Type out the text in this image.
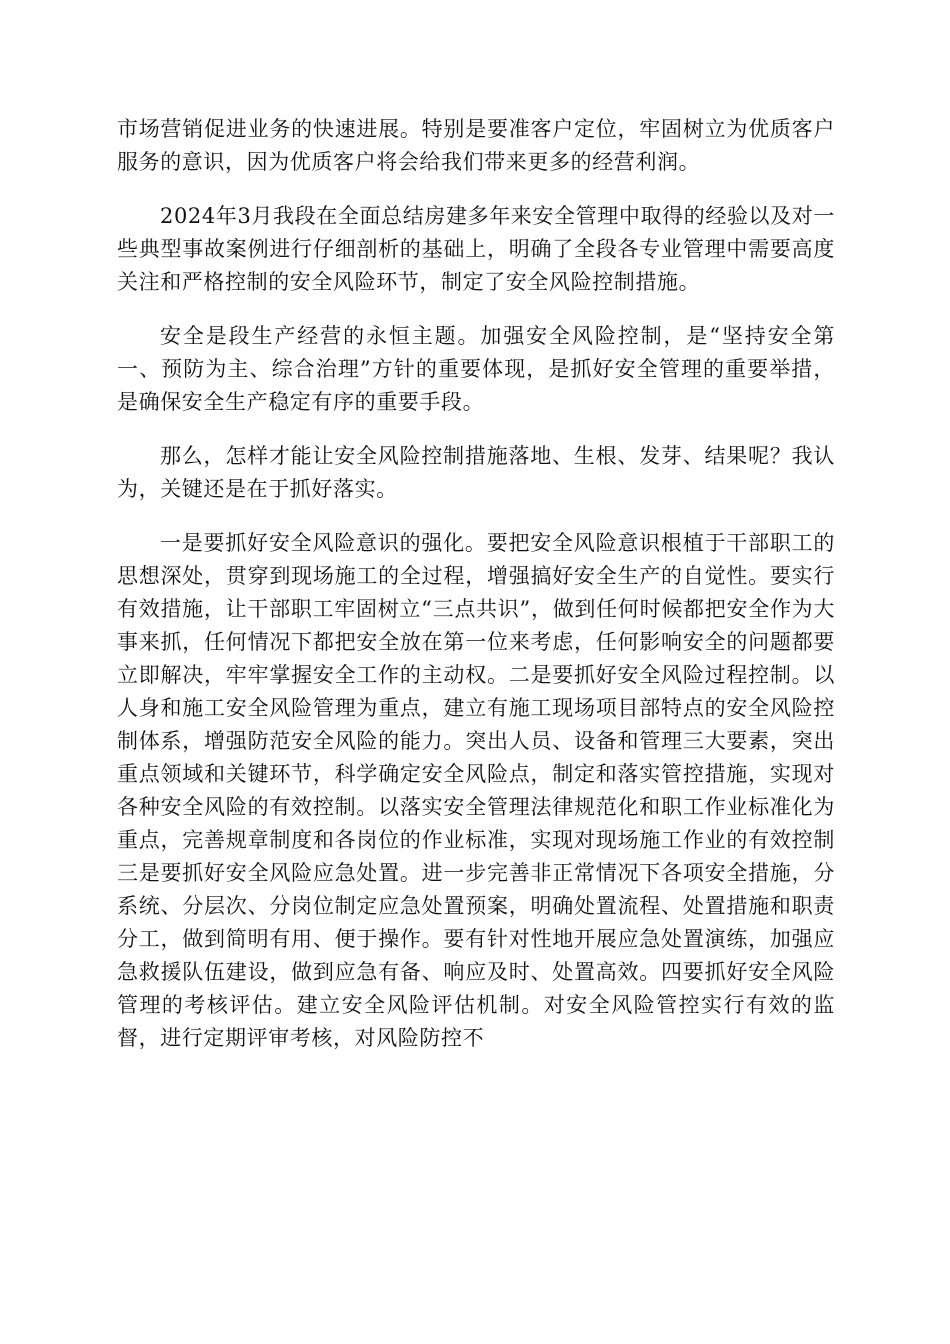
市场营销促进业务的快速进展。特别是要准客户定位，牢固树立为优质客户服务的意识，因为优质客户将会给我们带来更多的经营利润。

2024年3月我段在全面总结房建多年来安全管理中取得的经验以及对一些典型事故案例进行仔细剖析的基础上，明确了全段各专业管理中需要高度关注和严格控制的安全风险环节，制定了安全风险控制措施。

安全是段生产经营的永恒主题。加强安全风险控制，是“坚持安全第一、预防为主、综合治理”方针的重要体现，是抓好安全管理的重要举措，是确保安全生产稳定有序的重要手段。

那么，怎样才能让安全风险控制措施落地、生根、发芽、结果呢？我认为，关键还是在于抓好落实。

一是要抓好安全风险意识的强化。要把安全风险意识根植于干部职工的思想深处，贯穿到现场施工的全过程，增强搞好安全生产的自觉性。要实行有效措施，让干部职工牢固树立“三点共识”，做到任何时候都把安全作为大事来抓，任何情况下都把安全放在第一位来考虑，任何影响安全的问题都要立即解决，牢牢掌握安全工作的主动权。二是要抓好安全风险过程控制。以人身和施工安全风险管理为重点，建立有施工现场项目部特点的安全风险控制体系，增强防范安全风险的能力。突出人员、设备和管理三大要素，突出重点领域和关键环节，科学确定安全风险点，制定和落实管控措施，实现对各种安全风险的有效控制。以落实安全管理法律规范化和职工作业标准化为重点，完善规章制度和各岗位的作业标准，实现对现场施工作业的有效控制三是要抓好安全风险应急处置。进一步完善非正常情况下各项安全措施，分系统、分层次、分岗位制定应急处置预案，明确处置流程、处置措施和职责分工，做到简明有用、便于操作。要有针对性地开展应急处置演练，加强应急救援队伍建设，做到应急有备、响应及时、处置高效。四要抓好安全风险管理的考核评估。建立安全风险评估机制。对安全风险管控实行有效的监督，进行定期评审考核，对风险防控不
